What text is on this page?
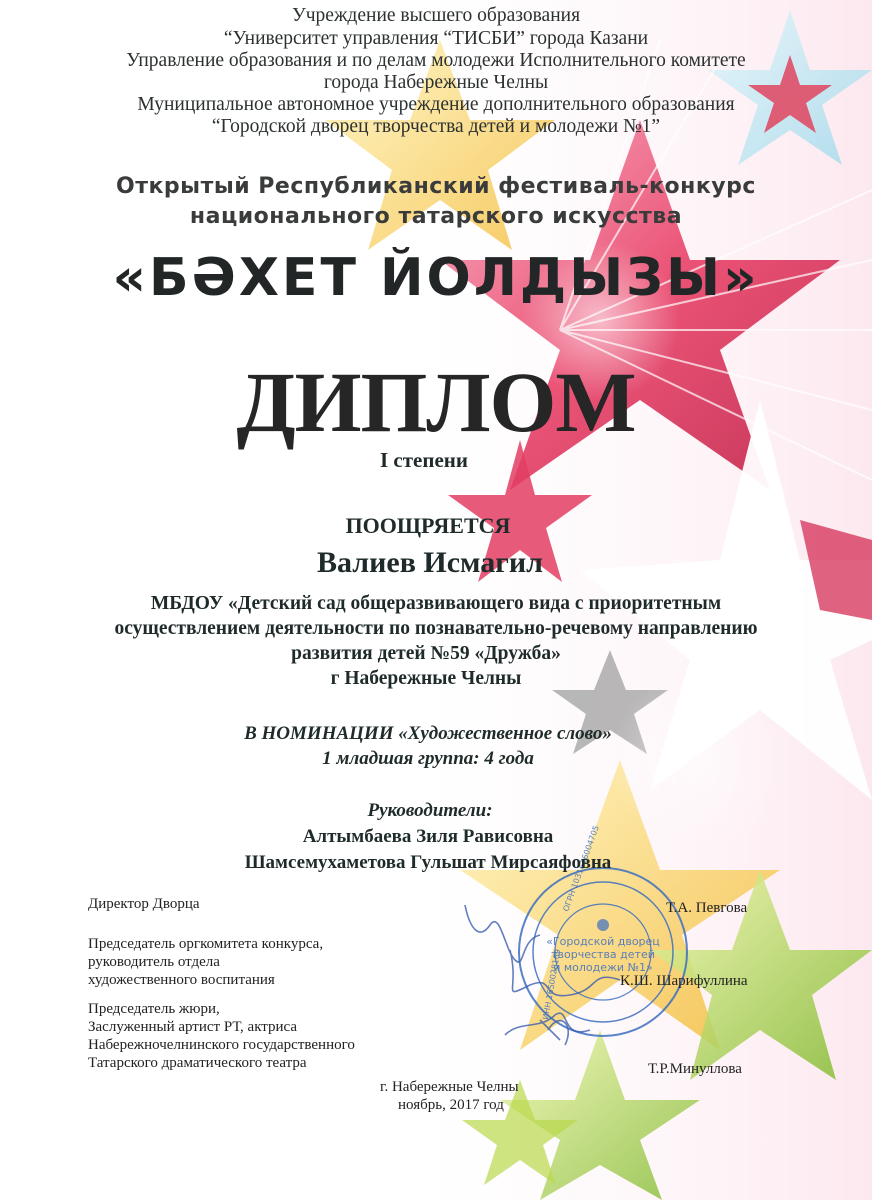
«Городской дворец
творчества детей
и молодежи №1»
ОГРН 1031616004705
ИНН 1650028169
Учреждение высшего образования
“Университет управления “ТИСБИ” города Казани
Управление образования и по делам молодежи Исполнительного комитете
города Набережные Челны
Муниципальное автономное учреждение дополнительного образования
“Городской дворец творчества детей и молодежи №1”
Открытый Республиканский фестиваль-конкурс
национального татарского искусства
«БӘХЕТ ЙОЛДЫЗЫ»
ДИПЛОМ
I степени
ПООЩРЯЕТСЯ
Валиев Исмагил
МБДОУ «Детский сад общеразвивающего вида с приоритетным
осуществлением деятельности по познавательно-речевому направлению
развития детей №59 «Дружба»
г Набережные Челны
В НОМИНАЦИИ «Художественное слово»
1 младшая группа: 4 года
Руководители:
Алтымбаева Зиля Рависовна
Шамсемухаметова Гульшат Мирсаяфовна
Директор Дворца	Т.А. Певгова
Председатель оргкомитета конкурса,
руководитель отдела
художественного воспитания	К.Ш. Шарифуллина
Председатель жюри,
Заслуженный артист РТ, актриса
Набережночелнинского государственного
Татарского драматического театра	Т.Р.Минуллова
г. Набережные Челны
ноябрь, 2017 год
